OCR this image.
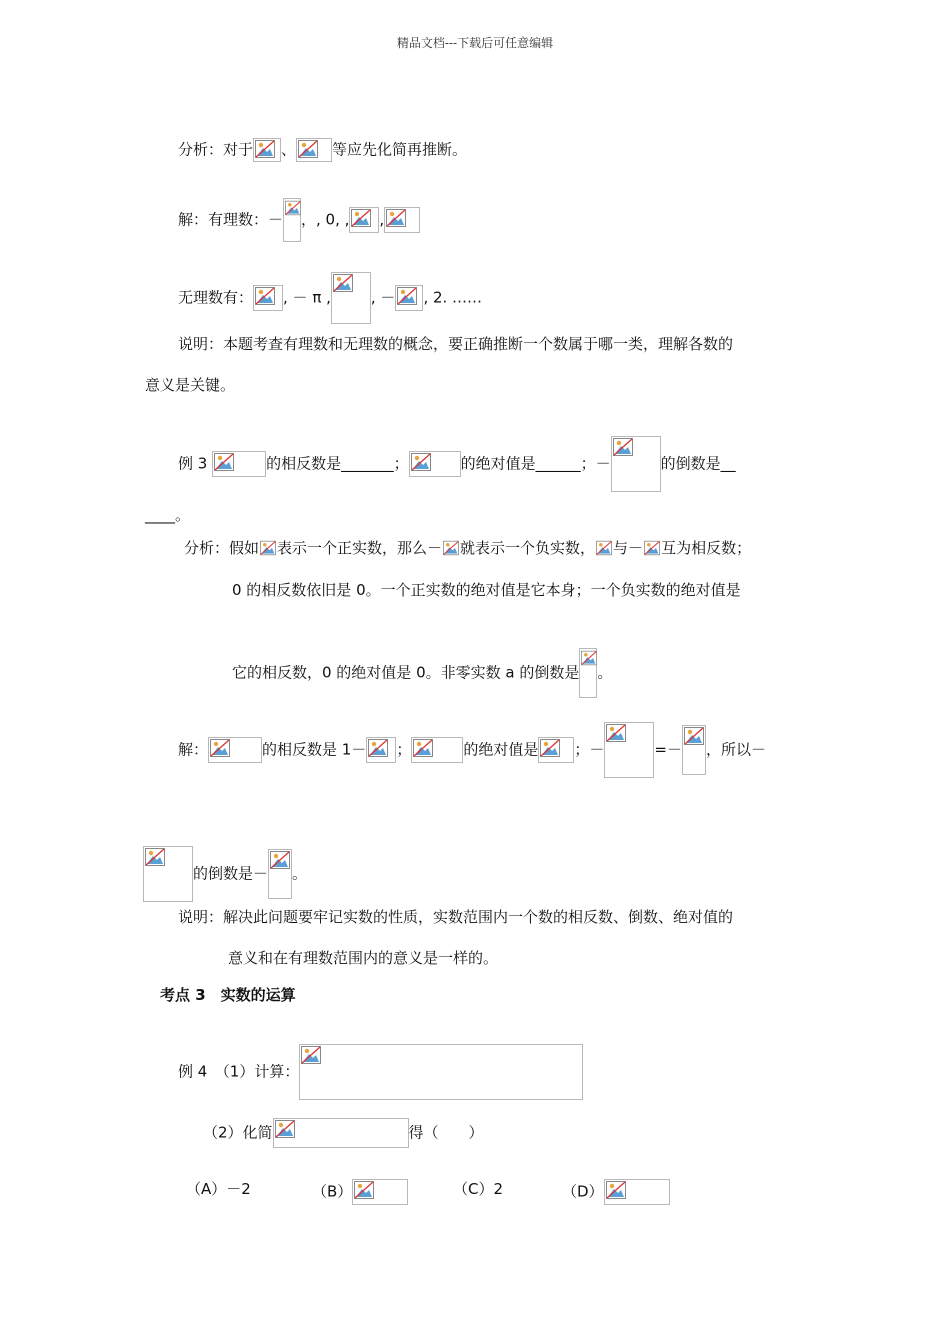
精品文档---下载后可任意编辑
分析：对于 、 等应先化简再推断。
解：有理数：－ ，, 0, , ,
无理数有： , － π ,	, － , 2. ……
说明：本题考查有理数和无理数的概念，要正确推断一个数属于哪一类，理解各数的
意义是关键。
例 3	的相反数是_______；	的绝对值是______；－	的倒数是__
____。
分析：假如 表示一个正实数，那么－ 就表示一个负实数， 与－ 互为相反数；
0 的相反数依旧是 0。一个正实数的绝对值是它本身；一个负实数的绝对值是
它的相反数，0 的绝对值是 0。非零实数 a 的倒数是 。
解：	的相反数是 1－ ；	的绝对值是 ；－	=－ ，所以－
的倒数是－ 。
说明：解决此问题要牢记实数的性质，实数范围内一个数的相反数、倒数、绝对值的
意义和在有理数范围内的意义是一样的。
考点 3　实数的运算
例 4　（1）计算：
（2）化简	得（　　）
（A）－2	（B）	（C）2	（D）
